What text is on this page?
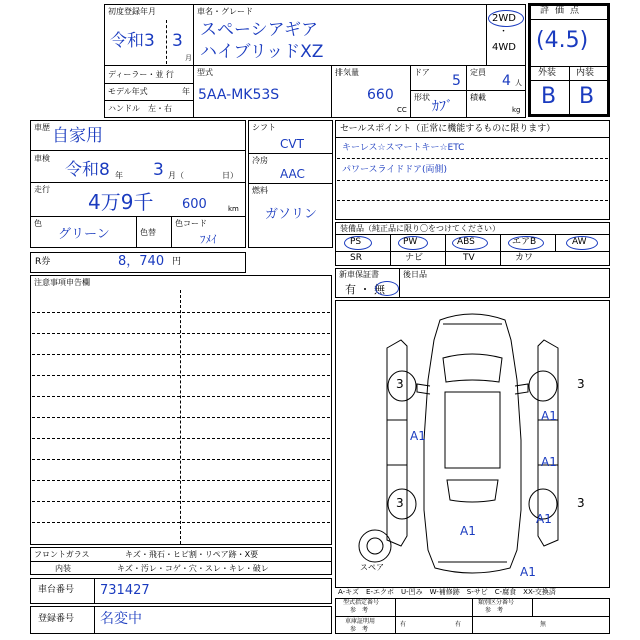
初度登録年月
令和3 3
月
車名・グレード
スペーシアギア
ハイブリッドXZ
2WD
・
4WD
ディーラー・並 行
モデル年式	年
ハンドル　左・右
型式
5AA-MK53S
排気量
660
CC
ドア
5
定員
4 人
形状
ｶﾌﾞ
積載
kg
評価点
(4.5)
外装 内装
B B
車歴 自家用
車検
令和8 年 3 月（	日）
走行
4万9千 600	km
色
グリーン	色替
色コード
ﾌﾒｲ
シフト
CVT
冷房
AAC
燃料
ガソリン
セールスポイント（正常に機能するものに限ります）
キーレス☆スマートキー☆ETC
パワースライドドア(両側)
装備品（純正品に限り〇をつけてください）
PS	PW	ABS	エアB	AW
SR	ナビ	TV	カワ
新車保証書
有 ・ 無
後日品
R券	8，740 円
注意事項申告欄
フロントガラス	キズ・飛石・ヒビ割・リペア跡・X要
内装	キズ・汚レ・コゲ・穴・スレ・キレ・破レ
3	3
3	3
A1
A1
A1
A1
A1
A1
スペア
A-キズ　E-エクボ　U-凹み　W-補修跡　S-サビ　C-腐食　XX-交換済
車台番号 731427
登録番号 名変中
型式指定番号
参　考
類別区分番号
参　考
車庫証明用
参　考
有	有	無
